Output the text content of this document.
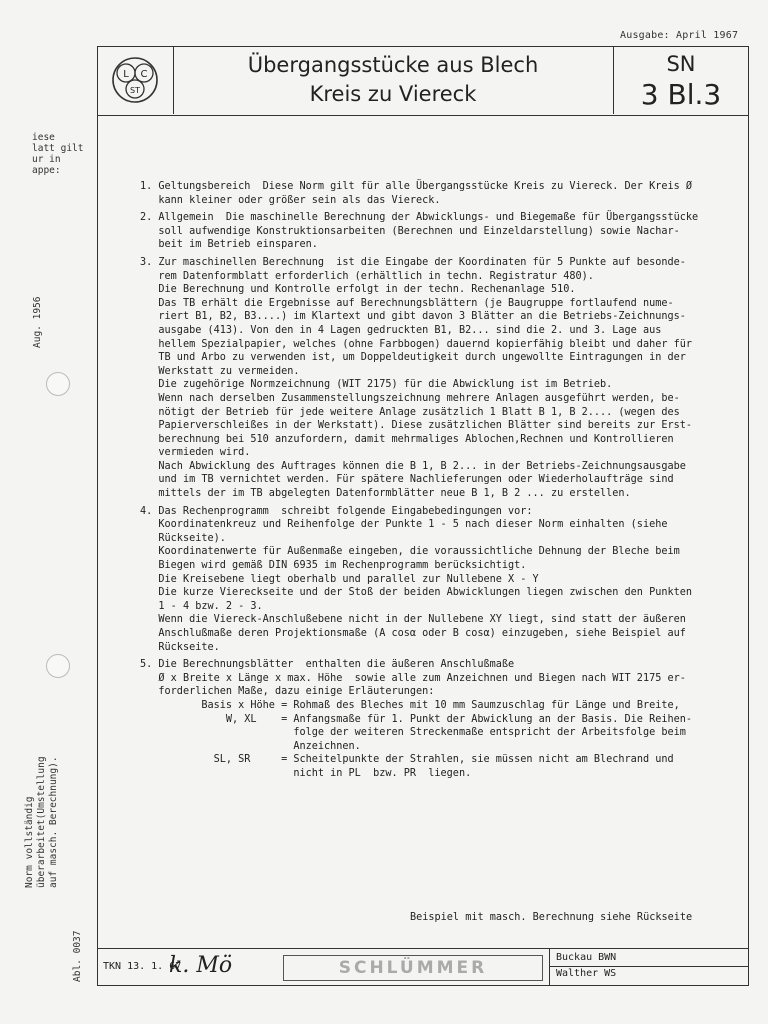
Ausgabe: April 1967
L C
ST
Übergangsstücke aus Blech
Kreis zu Viereck
SN
3 Bl.3
iese
latt gilt
ur in
appe:
Aug. 1956
Norm vollständig
überarbeitet(Umstellung
auf masch. Berechnung).
Abl. 0037

1. Geltungsbereich  Diese Norm gilt für alle Übergangsstücke Kreis zu Viereck. Der Kreis Ø
kann kleiner oder größer sein als das Viereck.

2. Allgemein  Die maschinelle Berechnung der Abwicklungs- und Biegemaße für Übergangsstücke
soll aufwendige Konstruktionsarbeiten (Berechnen und Einzeldarstellung) sowie Nachar-
beit im Betrieb einsparen.

3. Zur maschinellen Berechnung  ist die Eingabe der Koordinaten für 5 Punkte auf besonde-
rem Datenformblatt erforderlich (erhältlich in techn. Registratur 480).
Die Berechnung und Kontrolle erfolgt in der techn. Rechenanlage 510.
Das TB erhält die Ergebnisse auf Berechnungsblättern (je Baugruppe fortlaufend nume-
riert B1, B2, B3....) im Klartext und gibt davon 3 Blätter an die Betriebs-Zeichnungs-
ausgabe (413). Von den in 4 Lagen gedruckten B1, B2... sind die 2. und 3. Lage aus
hellem Spezialpapier, welches (ohne Farbbogen) dauernd kopierfähig bleibt und daher für
TB und Arbo zu verwenden ist, um Doppeldeutigkeit durch ungewollte Eintragungen in der
Werkstatt zu vermeiden.
Die zugehörige Normzeichnung (WIT 2175) für die Abwicklung ist im Betrieb.
Wenn nach derselben Zusammenstellungszeichnung mehrere Anlagen ausgeführt werden, be-
nötigt der Betrieb für jede weitere Anlage zusätzlich 1 Blatt B 1, B 2.... (wegen des
Papierverschleißes in der Werkstatt). Diese zusätzlichen Blätter sind bereits zur Erst-
berechnung bei 510 anzufordern, damit mehrmaliges Ablochen,Rechnen und Kontrollieren
vermieden wird.
Nach Abwicklung des Auftrages können die B 1, B 2... in der Betriebs-Zeichnungsausgabe
und im TB vernichtet werden. Für spätere Nachlieferungen oder Wiederholaufträge sind
mittels der im TB abgelegten Datenformblätter neue B 1, B 2 ... zu erstellen.

4. Das Rechenprogramm  schreibt folgende Eingabebedingungen vor:
Koordinatenkreuz und Reihenfolge der Punkte 1 - 5 nach dieser Norm einhalten (siehe
Rückseite).
Koordinatenwerte für Außenmaße eingeben, die voraussichtliche Dehnung der Bleche beim
Biegen wird gemäß DIN 6935 im Rechenprogramm berücksichtigt.
Die Kreisebene liegt oberhalb und parallel zur Nullebene X - Y
Die kurze Viereckseite und der Stoß der beiden Abwicklungen liegen zwischen den Punkten
1 - 4 bzw. 2 - 3.
Wenn die Viereck-Anschlußebene nicht in der Nullebene XY liegt, sind statt der äußeren
Anschlußmaße deren Projektionsmaße (A cosα oder B cosα) einzugeben, siehe Beispiel auf
Rückseite.

5. Die Berechnungsblätter  enthalten die äußeren Anschlußmaße
Ø x Breite x Länge x max. Höhe  sowie alle zum Anzeichnen und Biegen nach WIT 2175 er-
forderlichen Maße, dazu einige Erläuterungen:
Basis x Höhe = Rohmaß des Bleches mit 10 mm Saumzuschlag für Länge und Breite,
W, XL    = Anfangsmaße für 1. Punkt der Abwicklung an der Basis. Die Reihen-
folge der weiteren Streckenmaße entspricht der Arbeitsfolge beim
Anzeichnen.
SL, SR     = Scheitelpunkte der Strahlen, sie müssen nicht am Blechrand und
nicht in PL  bzw. PR  liegen.

Beispiel mit masch. Berechnung siehe Rückseite
TKN 13. 1. 67
k. Mö	SCHLÜMMER
Buckau BWN
Walther WS
